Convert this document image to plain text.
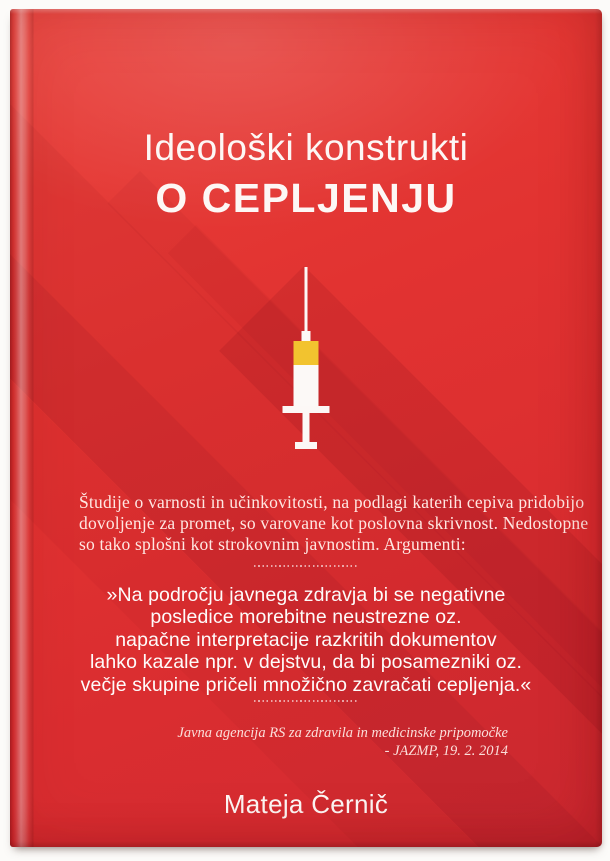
Ideološki konstrukti
O CEPLJENJU
Študije o varnosti in učinkovitosti, na podlagi katerih cepiva pridobijo
dovoljenje za promet, so varovane kot poslovna skrivnost. Nedostopne
so tako splošni kot strokovnim javnostim. Argumenti:
»Na področju javnega zdravja bi se negativne
posledice morebitne neustrezne oz.
napačne interpretacije razkritih dokumentov
lahko kazale npr. v dejstvu, da bi posamezniki oz.
večje skupine pričeli množično zavračati cepljenja.«
Javna agencija RS za zdravila in medicinske pripomočke
- JAZMP, 19. 2. 2014
Mateja Černič
